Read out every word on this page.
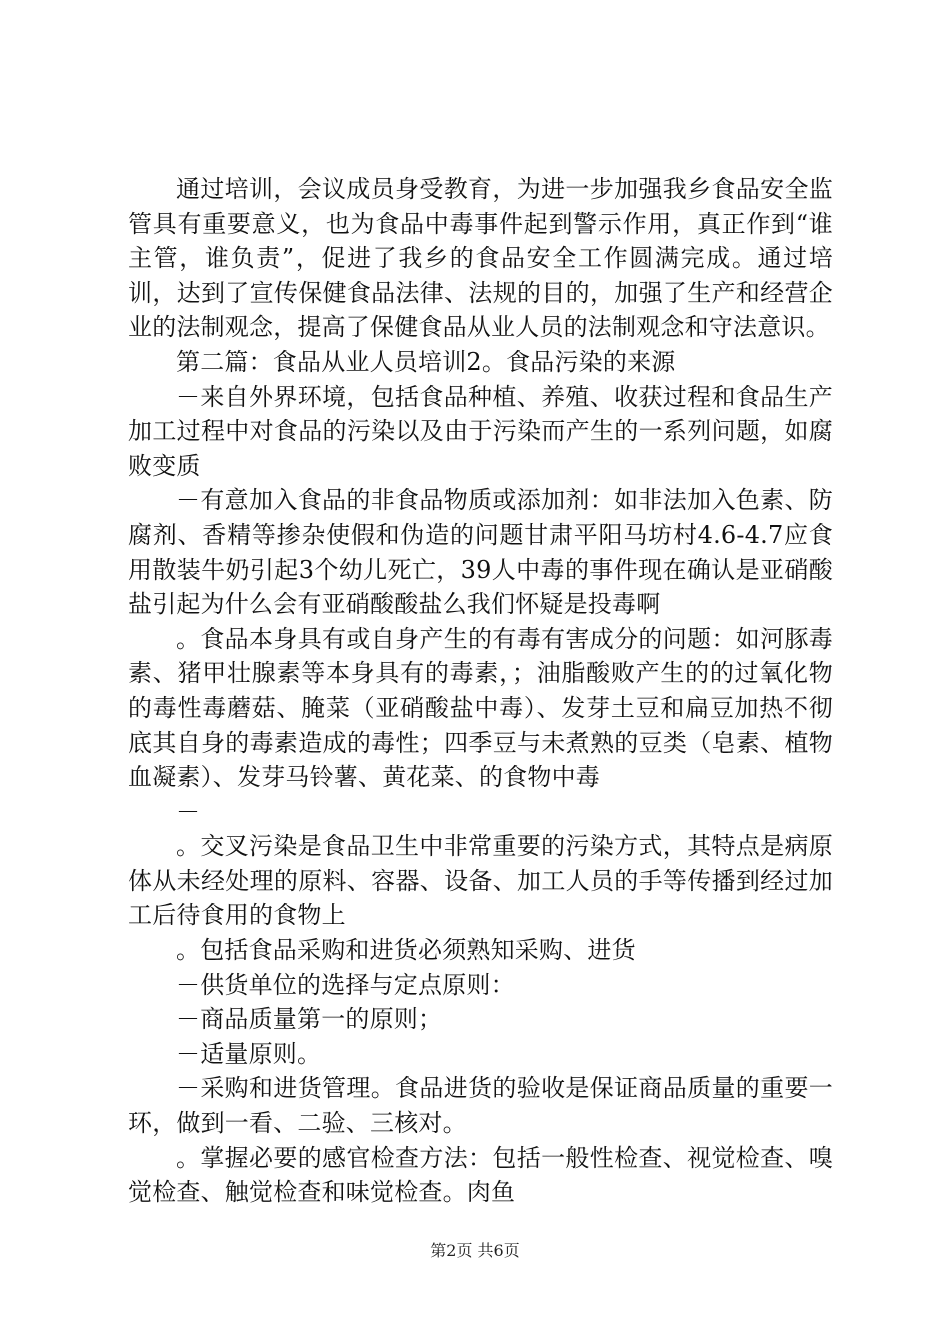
通过培训，会议成员身受教育，为进一步加强我乡食品安全监管具有重要意义，也为食品中毒事件起到警示作用，真正作到“谁主管，谁负责”，促进了我乡的食品安全工作圆满完成。通过培训，达到了宣传保健食品法律、法规的目的，加强了生产和经营企业的法制观念，提高了保健食品从业人员的法制观念和守法意识。

第二篇：食品从业人员培训2。食品污染的来源

－来自外界环境，包括食品种植、养殖、收获过程和食品生产加工过程中对食品的污染以及由于污染而产生的一系列问题，如腐败变质

－有意加入食品的非食品物质或添加剂：如非法加入色素、防腐剂、香精等掺杂使假和伪造的问题甘肃平阳马坊村4.6-4.7应食用散装牛奶引起3个幼儿死亡，39人中毒的事件现在确认是亚硝酸盐引起为什么会有亚硝酸酸盐么我们怀疑是投毒啊

。食品本身具有或自身产生的有毒有害成分的问题：如河豚毒素、猪甲壮腺素等本身具有的毒素，；油脂酸败产生的的过氧化物的毒性毒蘑菇、腌菜（亚硝酸盐中毒）、发芽土豆和扁豆加热不彻底其自身的毒素造成的毒性；四季豆与未煮熟的豆类（皂素、植物血凝素）、发芽马铃薯、黄花菜、的食物中毒

－

。交叉污染是食品卫生中非常重要的污染方式，其特点是病原体从未经处理的原料、容器、设备、加工人员的手等传播到经过加工后待食用的食物上

。包括食品采购和进货必须熟知采购、进货

－供货单位的选择与定点原则：

－商品质量第一的原则；

－适量原则。

－采购和进货管理。食品进货的验收是保证商品质量的重要一环，做到一看、二验、三核对。

。掌握必要的感官检查方法：包括一般性检查、视觉检查、嗅觉检查、触觉检查和味觉检查。肉鱼

第2页 共6页
